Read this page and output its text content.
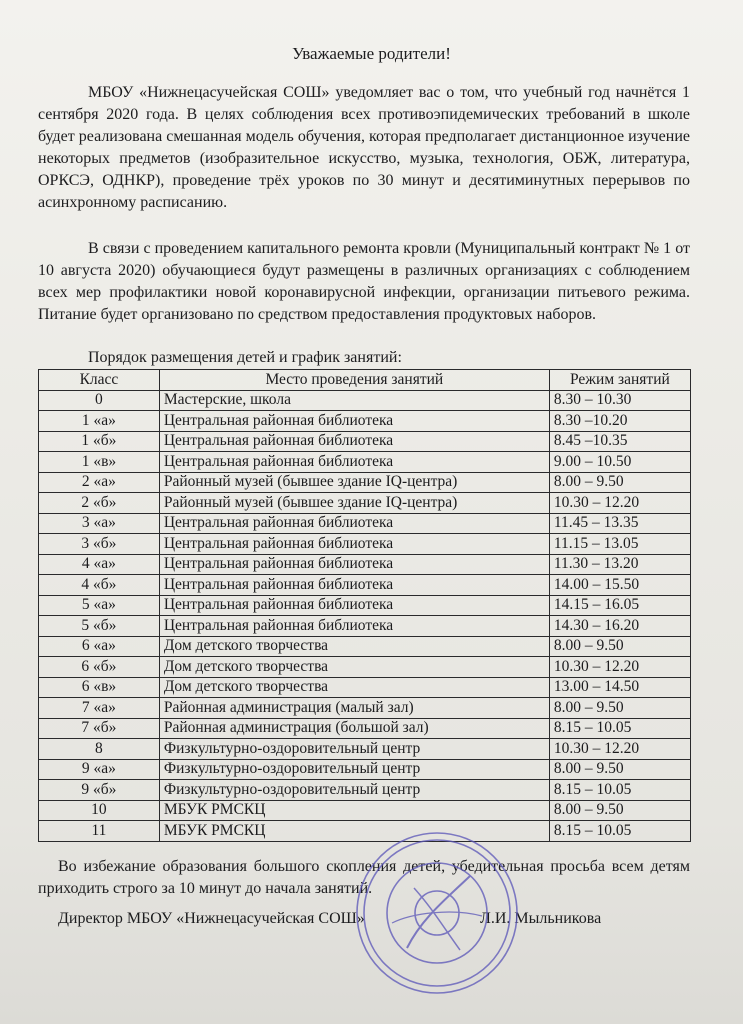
Уважаемые родители!
МБОУ «Нижнецасучейская СОШ» уведомляет вас о том, что учебный год начнётся 1 сентября 2020 года. В целях соблюдения всех противоэпидемических требований в школе будет реализована смешанная модель обучения, которая предполагает дистанционное изучение некоторых предметов (изобразительное искусство, музыка, технология, ОБЖ, литература, ОРКСЭ, ОДНКР), проведение трёх уроков по 30 минут и десятиминутных перерывов по асинхронному расписанию.
В связи с проведением капитального ремонта кровли (Муниципальный контракт № 1 от 10 августа 2020) обучающиеся будут размещены в различных организациях с соблюдением всех мер профилактики новой коронавирусной инфекции, организации питьевого режима. Питание будет организовано по средством предоставления продуктовых наборов.
Порядок размещения детей и график занятий:
Класс	Место проведения занятий	Режим занятий
0	Мастерские, школа	8.30 – 10.30
1 «а»	Центральная районная библиотека	8.30 –10.20
1 «б»	Центральная районная библиотека	8.45 –10.35
1 «в»	Центральная районная библиотека	9.00 – 10.50
2 «а»	Районный музей (бывшее здание IQ-центра)	8.00 – 9.50
2 «б»	Районный музей (бывшее здание IQ-центра)	10.30 – 12.20
3 «а»	Центральная районная библиотека	11.45 – 13.35
3 «б»	Центральная районная библиотека	11.15 – 13.05
4 «а»	Центральная районная библиотека	11.30 – 13.20
4 «б»	Центральная районная библиотека	14.00 – 15.50
5 «а»	Центральная районная библиотека	14.15 – 16.05
5 «б»	Центральная районная библиотека	14.30 – 16.20
6 «а»	Дом детского творчества	8.00 – 9.50
6 «б»	Дом детского творчества	10.30 – 12.20
6 «в»	Дом детского творчества	13.00 – 14.50
7 «а»	Районная администрация (малый зал)	8.00 – 9.50
7 «б»	Районная администрация (большой зал)	8.15 – 10.05
8	Физкультурно-оздоровительный центр	10.30 – 12.20
9 «а»	Физкультурно-оздоровительный центр	8.00 – 9.50
9 «б»	Физкультурно-оздоровительный центр	8.15 – 10.05
10	МБУК РМСКЦ	8.00 – 9.50
11	МБУК РМСКЦ	8.15 – 10.05
Во избежание образования большого скопления детей, убедительная просьба всем детям приходить строго за 10 минут до начала занятий.
Директор МБОУ «Нижнецасучейская СОШ»	Л.И. Мыльникова
